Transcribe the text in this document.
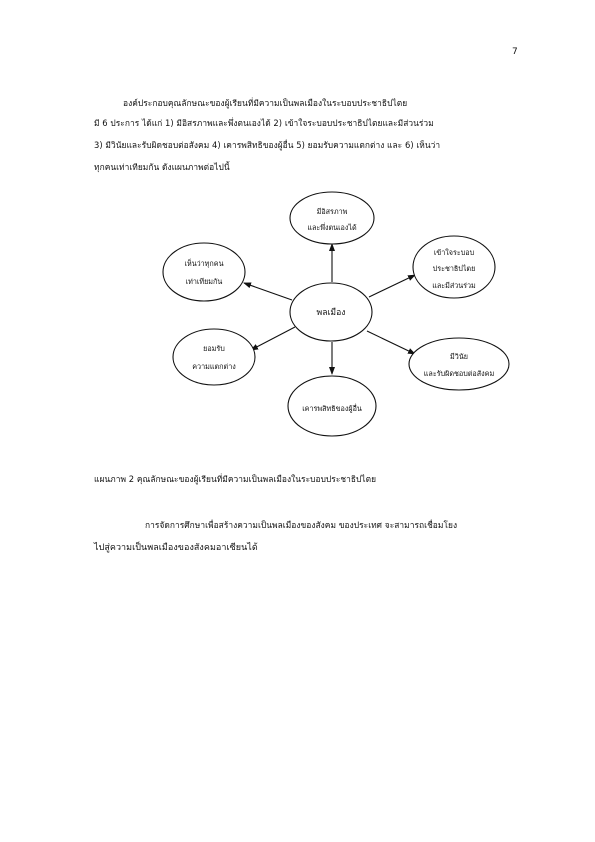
7
องค์ประกอบคุณลักษณะของผู้เรียนที่มีความเป็นพลเมืองในระบอบประชาธิปไตย
มี 6 ประการ ได้แก่ 1) มีอิสรภาพและพึ่งตนเองได้ 2) เข้าใจระบอบประชาธิปไตยและมีส่วนร่วม
3) มีวินัยและรับผิดชอบต่อสังคม 4) เคารพสิทธิของผู้อื่น 5) ยอมรับความแตกต่าง และ 6) เห็นว่า
ทุกคนเท่าเทียมกัน ดังแผนภาพต่อไปนี้
พลเมือง
มีอิสรภาพ
และพึ่งตนเองได้
เข้าใจระบอบ
ประชาธิปไตย
และมีส่วนร่วม
มีวินัย
และรับผิดชอบต่อสังคม
เคารพสิทธิของผู้อื่น
ยอมรับ
ความแตกต่าง
เห็นว่าทุกคน
เท่าเทียมกัน
แผนภาพ 2 คุณลักษณะของผู้เรียนที่มีความเป็นพลเมืองในระบอบประชาธิปไตย
การจัดการศึกษาเพื่อสร้างความเป็นพลเมืองของสังคม ของประเทศ จะสามารถเชื่อมโยง
ไปสู่ความเป็นพลเมืองของสังคมอาเซียนได้
